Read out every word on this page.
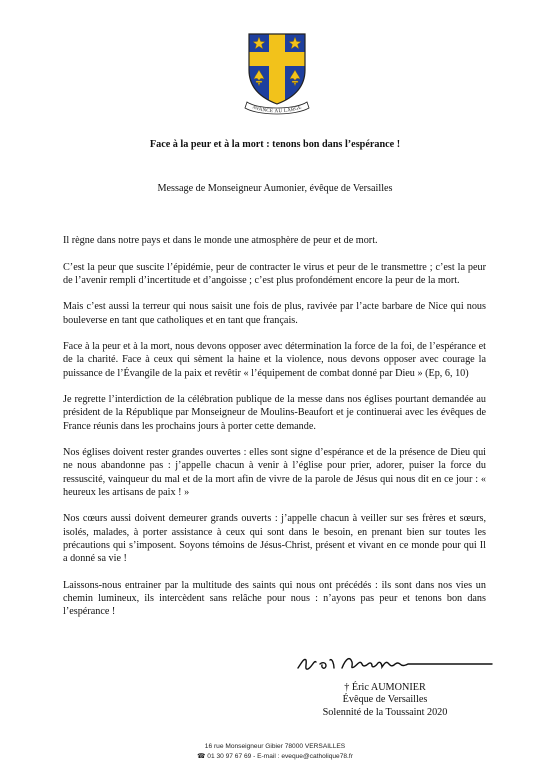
AVANCE AU LARGE
Face à la peur et à la mort : tenons bon dans l’espérance !
Message de Monseigneur Aumonier, évêque de Versailles

Il règne dans notre pays et dans le monde une atmosphère de peur et de mort.

C’est la peur que suscite l’épidémie, peur de contracter le virus et peur de le transmettre ; c’est la peur de l’avenir rempli d’incertitude et d’angoisse ; c’est plus profondément encore la peur de la mort.

Mais c’est aussi la terreur qui nous saisit une fois de plus, ravivée par l’acte barbare de Nice qui nous bouleverse en tant que catholiques et en tant que français.

Face à la peur et à la mort, nous devons opposer avec détermination la force de la foi, de l’espérance et de la charité. Face à ceux qui sèment la haine et la violence, nous devons opposer avec courage la puissance de l’Évangile de la paix et revêtir « l’équipement de combat donné par Dieu » (Ep, 6, 10)

Je regrette l’interdiction de la célébration publique de la messe dans nos églises pourtant demandée au président de la République par Monseigneur de Moulins-Beaufort et je continuerai avec les évêques de France réunis dans les prochains jours à porter cette demande.

Nos églises doivent rester grandes ouvertes : elles sont signe d’espérance et de la présence de Dieu qui ne nous abandonne pas : j’appelle chacun à venir à l’église pour prier, adorer, puiser la force du ressuscité, vainqueur du mal et de la mort afin de vivre de la parole de Jésus qui nous dit en ce jour : « heureux les artisans de paix ! »

Nos cœurs aussi doivent demeurer grands ouverts : j’appelle chacun à veiller sur ses frères et sœurs, isolés, malades, à porter assistance à ceux qui sont dans le besoin, en prenant bien sur toutes les précautions qui s’imposent. Soyons témoins de Jésus-Christ, présent et vivant en ce monde pour qui Il a donné sa vie !

Laissons-nous entrainer par la multitude des saints qui nous ont précédés : ils sont dans nos vies un chemin lumineux, ils intercèdent sans relâche pour nous : n’ayons pas peur et tenons bon dans l’espérance !

† Éric AUMONIER
Évêque de Versailles
Solennité de la Toussaint 2020
16 rue Monseigneur Gibier 78000 VERSAILLES
☎ 01 30 97 67 69 - E-mail : eveque@catholique78.fr
